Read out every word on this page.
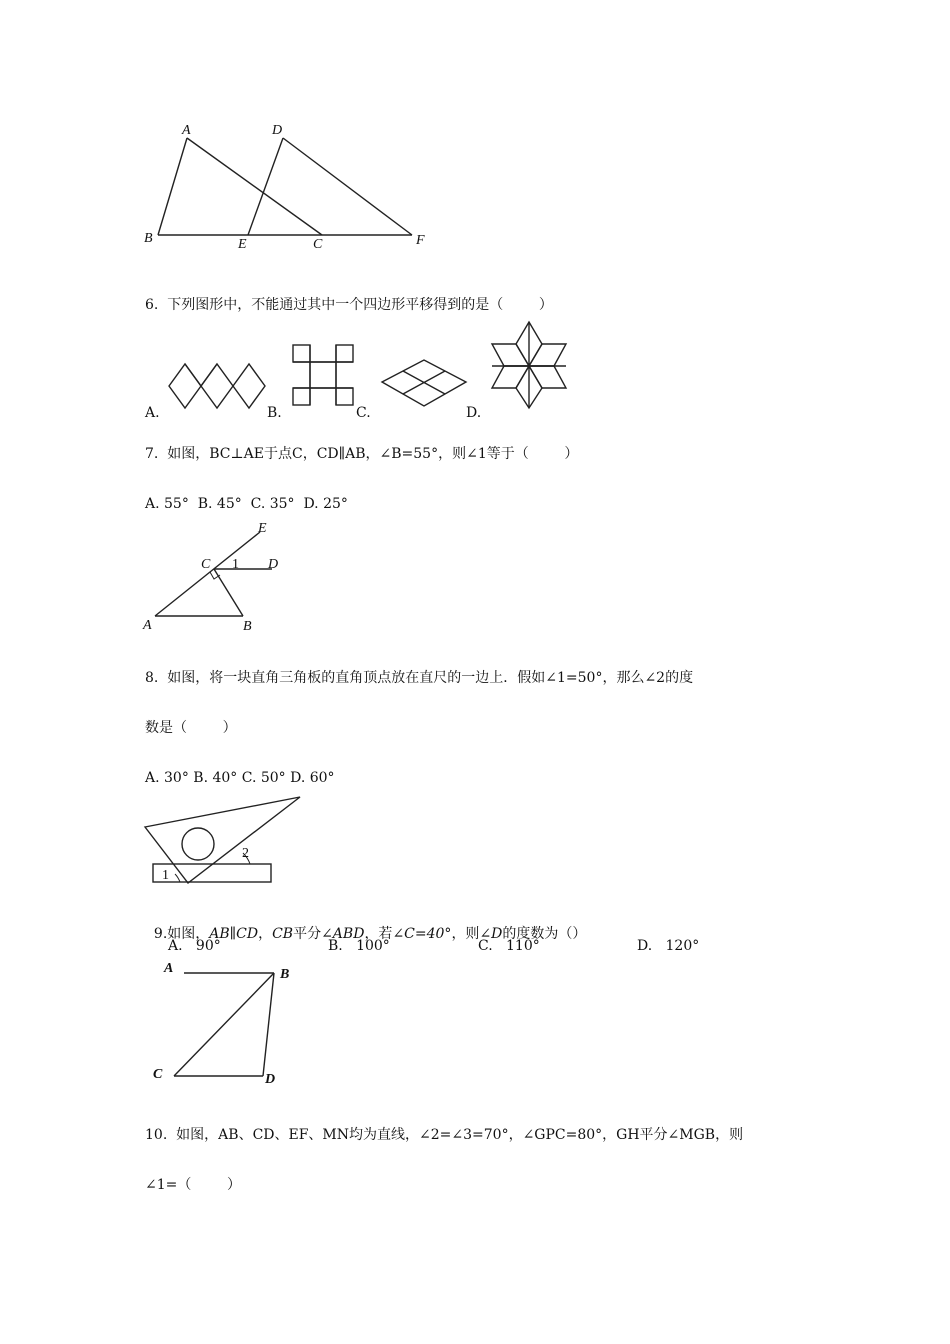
A	D
B	E	C	F
6.  下列图形中，不能通过其中一个四边形平移得到的是（        ）
A.	B.	C.	D.
7.  如图，BC⊥AE于点C，CD∥AB，∠B=55°，则∠1等于（        ）
A. 55°  B. 45°  C. 35°  D. 25°
E
C 1 D
A	B
8.  如图，将一块直角三角板的直角顶点放在直尺的一边上．假如∠1=50°，那么∠2的度
数是（        ）
A. 30° B. 40° C. 50° D. 60°
2
1

9.如图，AB∥CD，CB平分∠ABD，若∠C=40°，则∠D的度数为（）

A.   90°	B.   100°	C.   110°	D.   120°
A	B
C	D
10.  如图，AB、CD、EF、MN均为直线，∠2=∠3=70°，∠GPC=80°，GH平分∠MGB，则
∠1=（        ）
